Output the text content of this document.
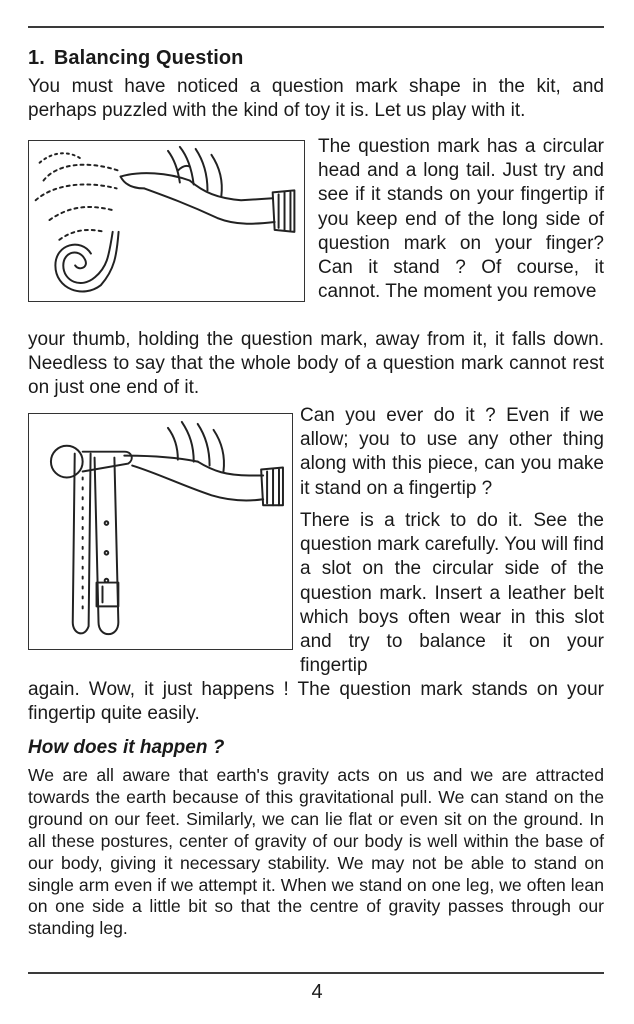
1. Balancing Question

You must have noticed a question mark shape in the kit, and perhaps puzzled with the kind of toy it is. Let us play with it.

The question mark has a circular head and a long tail. Just try and see if it stands on your fingertip if you keep end of the long side of question mark on your finger? Can it stand ? Of course, it cannot. The moment you remove

your thumb, holding the question mark, away from it, it falls down. Needless to say that the whole body of a question mark cannot rest on just one end of it.

Can you ever do it ? Even if we allow; you to use any other thing along with this piece, can you make it stand on a fingertip ?

There is a trick to do it. See the question mark carefully. You will find a slot on the circular side of the question mark. Insert a leather belt which boys often wear in this slot and try to balance it on your fingertip

again. Wow, it just happens ! The question mark stands on your fingertip quite easily.

How does it happen ?

We are all aware that earth's gravity acts on us and we are attracted towards the earth because of this gravitational pull. We can stand on the ground on our feet. Similarly, we can lie flat or even sit on the ground. In all these postures, center of gravity of our body is well within the base of our body, giving it necessary stability. We may not be able to stand on single arm even if we attempt it. When we stand on one leg, we often lean on one side a little bit so that the centre of gravity passes through our standing leg.

4
